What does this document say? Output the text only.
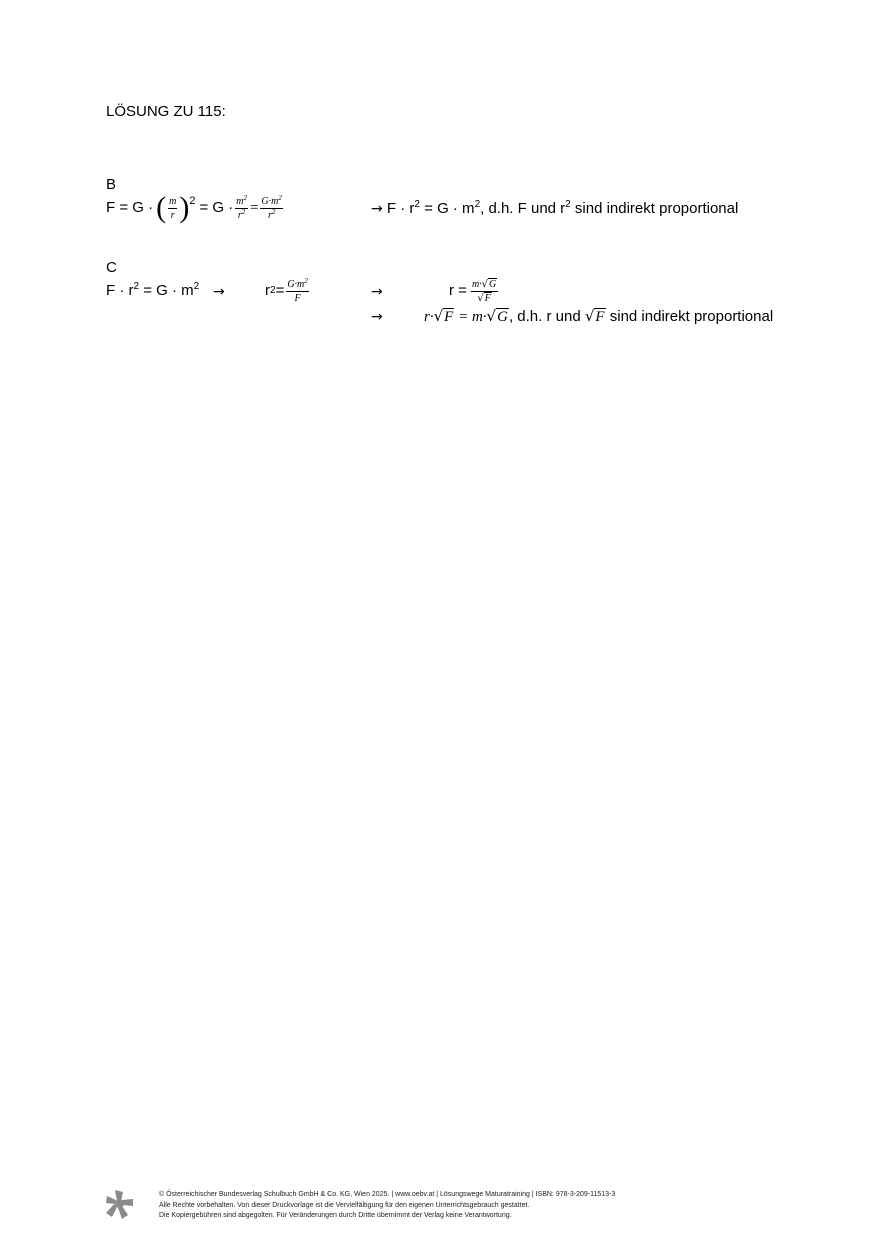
LÖSUNG ZU 115:
B
F = G · ( $\frac{m}{r}$ ) $2 = G \cdot \frac{m^2}{r^2} = \frac{G\cdot m^2}{r^2}$	→ $F \cdot r^2 = G \cdot m^2$, d.h. F und $r^2$ sind indirekt proportional
C
$F \cdot r^2 = G \cdot m^2$ →	r $2 = \frac{G\cdot m^2}{F}$	→	$r = \frac{m\cdot√G}{√F}$
→	r·√F = m·√G, d.h. r und √F sind indirekt proportional
© Österreichischer Bundesverlag Schulbuch GmbH & Co. KG, Wien 2025. | www.oebv.at | Lösungswege Maturatraining | ISBN: 978-3-209-11513-3
Alle Rechte vorbehalten. Von dieser Druckvorlage ist die Vervielfältigung für den eigenen Unterrichtsgebrauch gestattet.
Die Kopiergebühren sind abgegolten. Für Veränderungen durch Dritte übernimmt der Verlag keine Verantwortung.
